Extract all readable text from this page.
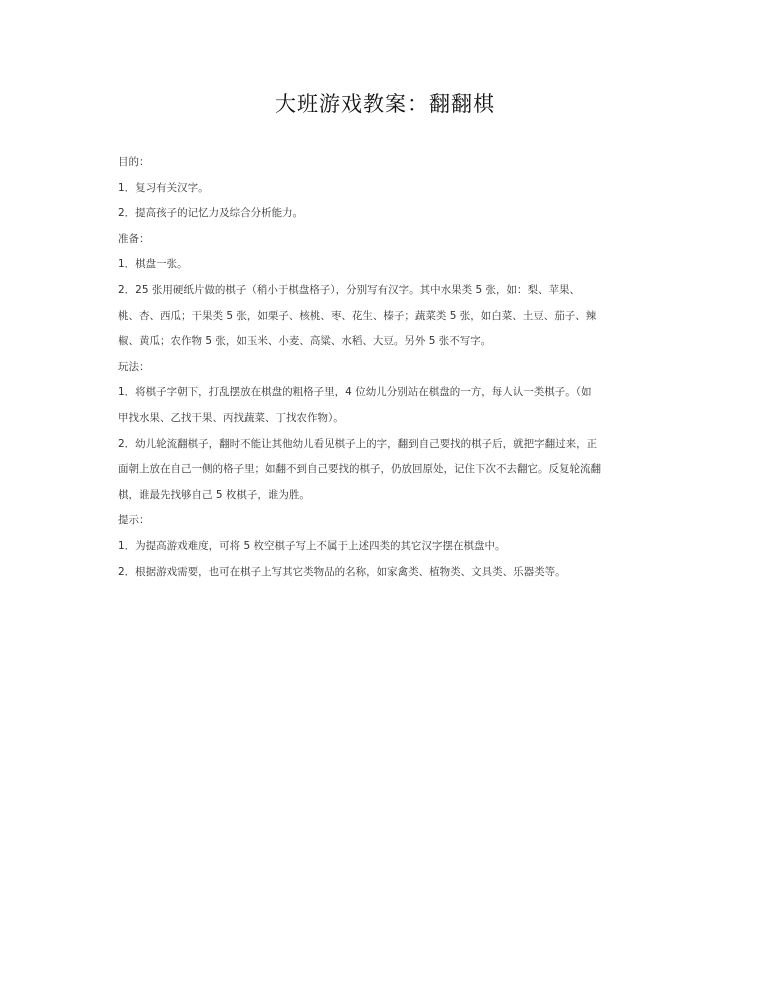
大班游戏教案：翻翻棋
目的：
1．复习有关汉字。
2．提高孩子的记忆力及综合分析能力。
准备：
1．棋盘一张。
2．25 张用硬纸片做的棋子（稍小于棋盘格子），分别写有汉字。其中水果类 5 张，如：梨、苹果、
桃、杏、西瓜；干果类 5 张，如栗子、核桃、枣、花生、榛子；蔬菜类 5 张，如白菜、土豆、茄子、辣
椒、黄瓜；农作物 5 张，如玉米、小麦、高粱、水稻、大豆。另外 5 张不写字。
玩法：
1．将棋子字朝下，打乱摆放在棋盘的粗格子里，4 位幼儿分别站在棋盘的一方，每人认一类棋子。（如
甲找水果、乙找干果、丙找蔬菜、丁找农作物）。
2．幼儿轮流翻棋子，翻时不能让其他幼儿看见棋子上的字，翻到自己要找的棋子后，就把字翻过来，正
面朝上放在自己一侧的格子里；如翻不到自己要找的棋子，仍放回原处，记住下次不去翻它。反复轮流翻
棋，谁最先找够自己 5 枚棋子，谁为胜。
提示：
1．为提高游戏难度，可将 5 枚空棋子写上不属于上述四类的其它汉字摆在棋盘中。
2．根据游戏需要，也可在棋子上写其它类物品的名称，如家禽类、植物类、文具类、乐器类等。
